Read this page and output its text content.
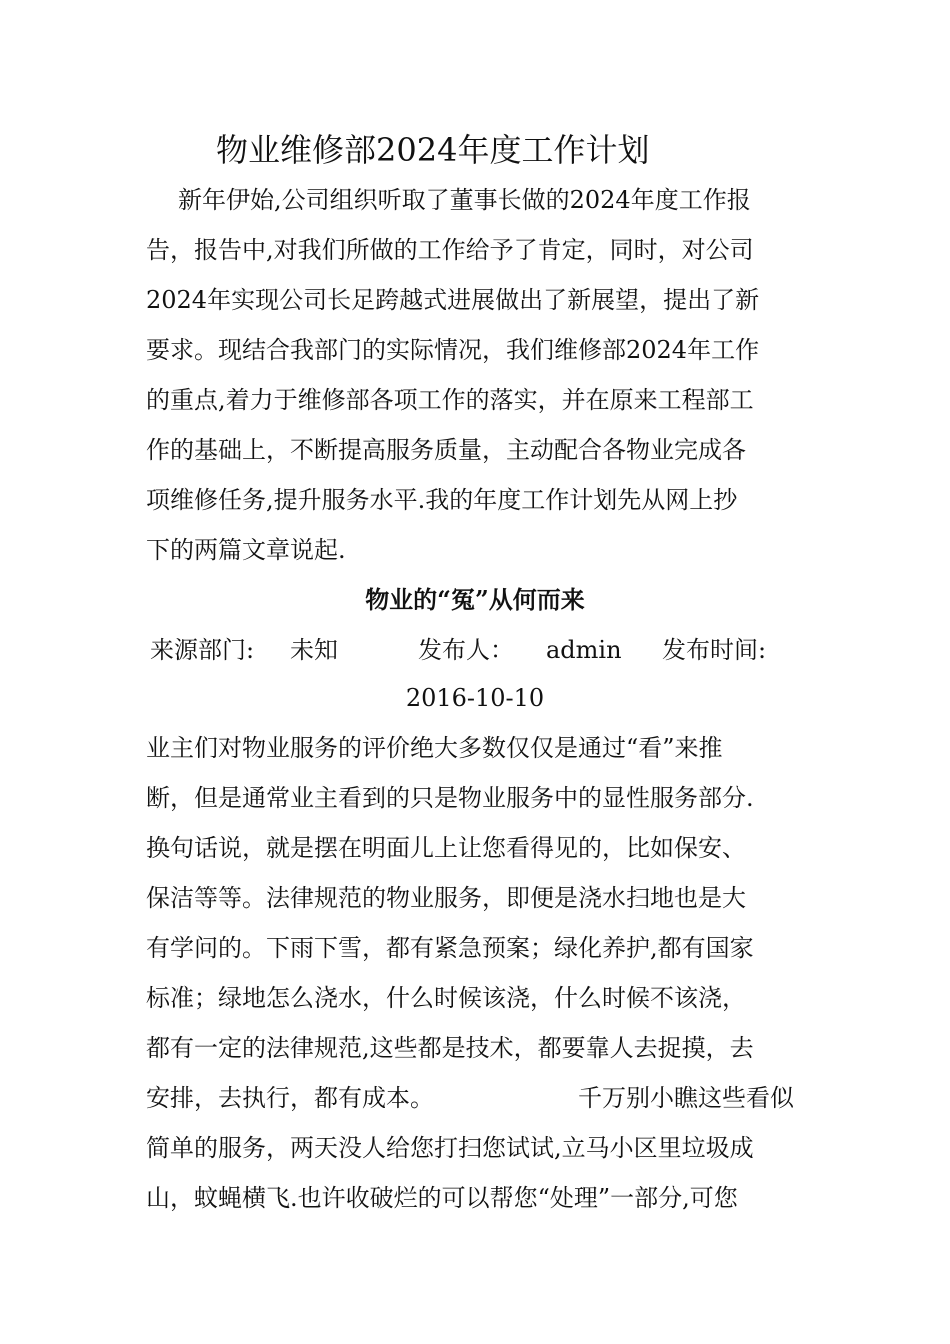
物业维修部2024年度工作计划
新年伊始,公司组织听取了董事长做的2024年度工作报
告，报告中,对我们所做的工作给予了肯定，同时，对公司
2024年实现公司长足跨越式进展做出了新展望，提出了新
要求。现结合我部门的实际情况，我们维修部2024年工作
的重点,着力于维修部各项工作的落实，并在原来工程部工
作的基础上，不断提高服务质量，主动配合各物业完成各
项维修任务,提升服务水平.我的年度工作计划先从网上抄
下的两篇文章说起.
物业的“冤”从何而来
来源部门: 未知	发布人： admin 发布时间:
2016-10-10
业主们对物业服务的评价绝大多数仅仅是通过“看”来推
断，但是通常业主看到的只是物业服务中的显性服务部分.
换句话说，就是摆在明面儿上让您看得见的，比如保安、
保洁等等。法律规范的物业服务，即便是浇水扫地也是大
有学问的。下雨下雪，都有紧急预案；绿化养护,都有国家
标准；绿地怎么浇水，什么时候该浇，什么时候不该浇，
都有一定的法律规范,这些都是技术，都要靠人去捉摸，去
安排，去执行，都有成本。	千万别小瞧这些看似
简单的服务，两天没人给您打扫您试试,立马小区里垃圾成
山，蚊蝇横飞.也许收破烂的可以帮您“处理”一部分,可您
